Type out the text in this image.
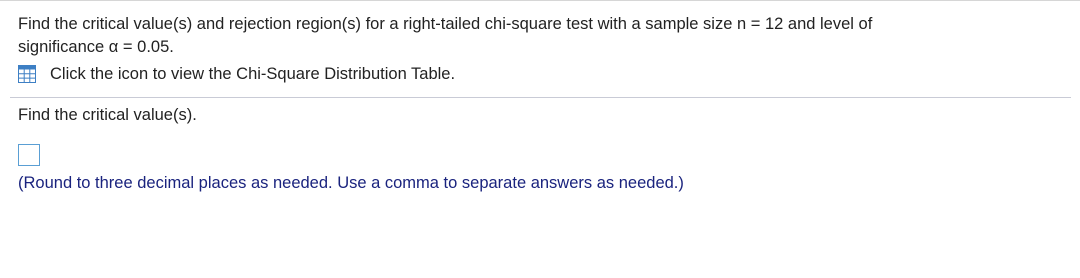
Find the critical value(s) and rejection region(s) for a right-tailed chi-square test with a sample size n = 12 and level of
significance α = 0.05.
Click the icon to view the Chi-Square Distribution Table.
Find the critical value(s).
(Round to three decimal places as needed. Use a comma to separate answers as needed.)
